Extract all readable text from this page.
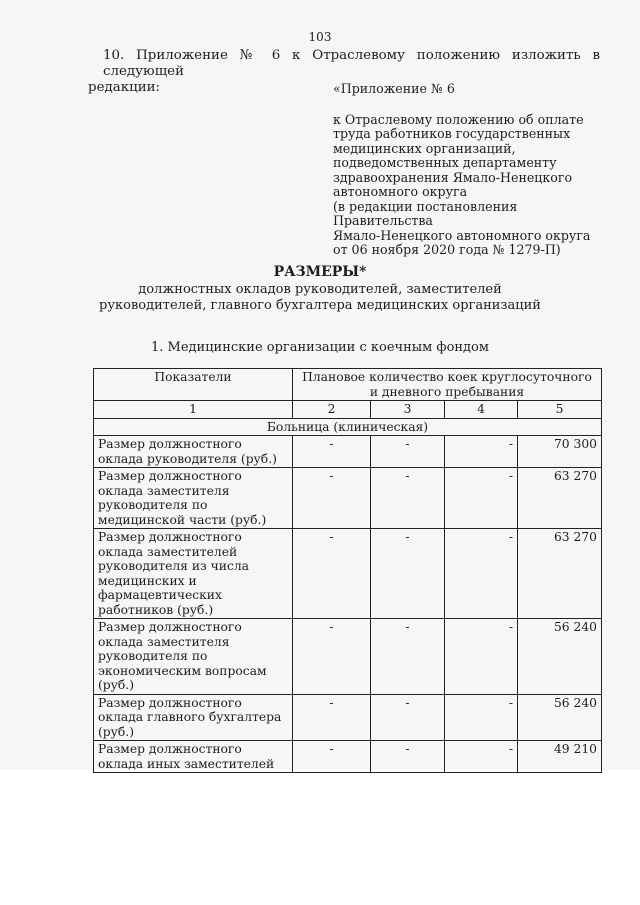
103
10. Приложение № 6 к Отраслевому положению изложить в следующей
редакции:	«Приложение № 6
к Отраслевому положению об оплате
труда работников государственных
медицинских организаций,
подведомственных департаменту
здравоохранения Ямало-Ненецкого
автономного округа
(в редакции постановления Правительства
Ямало-Ненецкого автономного округа
от 06 ноября 2020 года № 1279-П)
РАЗМЕРЫ*
должностных окладов руководителей, заместителей
руководителей, главного бухгалтера медицинских организаций
1. Медицинские организации с коечным фондом
Показатели	Плановое количество коек круглосуточного и дневного пребывания			
1	2	3	4	5
Больница (клиническая)				
Размер должностного оклада руководителя (руб.)	-	-	-	70 300
Размер должностного оклада заместителя руководителя по медицинской части (руб.)	-	-	-	63 270
Размер должностного оклада заместителей руководителя из числа медицинских и фармацевтических работников (руб.)	-	-	-	63 270
Размер должностного оклада заместителя руководителя по экономическим вопросам (руб.)	-	-	-	56 240
Размер должностного оклада главного бухгалтера (руб.)	-	-	-	56 240
Размер должностного оклада иных заместителей	-	-	-	49 210
